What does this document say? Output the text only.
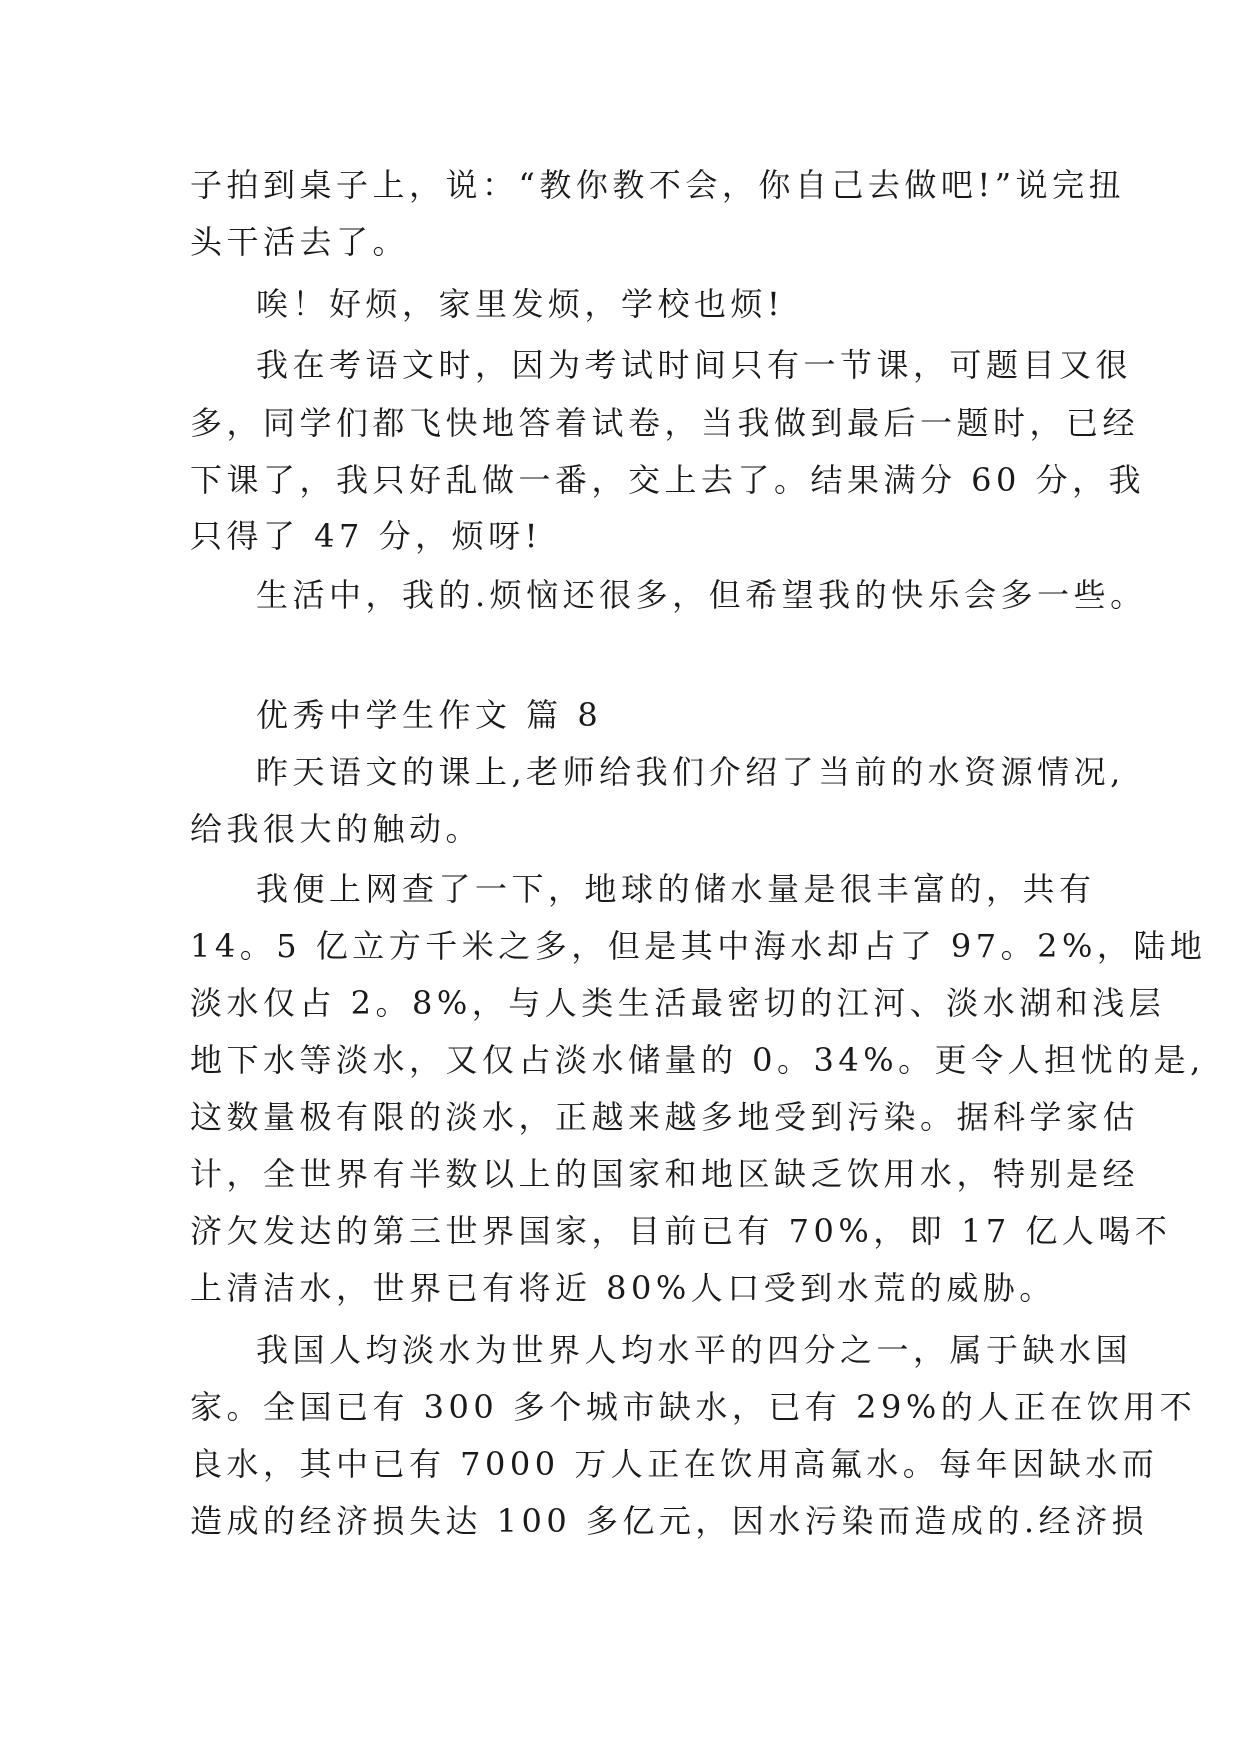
子拍到桌子上，说：“教你教不会，你自己去做吧!”说完扭
头干活去了。
唉！好烦，家里发烦，学校也烦!
我在考语文时，因为考试时间只有一节课，可题目又很
多，同学们都飞快地答着试卷，当我做到最后一题时，已经
下课了，我只好乱做一番，交上去了。结果满分 60 分，我
只得了 47 分，烦呀!
生活中，我的.烦恼还很多，但希望我的快乐会多一些。
优秀中学生作文 篇 8
昨天语文的课上,老师给我们介绍了当前的水资源情况,
给我很大的触动。
我便上网查了一下，地球的储水量是很丰富的，共有
14。5 亿立方千米之多，但是其中海水却占了 97。2%，陆地
淡水仅占 2。8%，与人类生活最密切的江河、淡水湖和浅层
地下水等淡水，又仅占淡水储量的 0。34%。更令人担忧的是,
这数量极有限的淡水，正越来越多地受到污染。据科学家估
计，全世界有半数以上的国家和地区缺乏饮用水，特别是经
济欠发达的第三世界国家，目前已有 70%，即 17 亿人喝不
上清洁水，世界已有将近 80%人口受到水荒的威胁。
我国人均淡水为世界人均水平的四分之一，属于缺水国
家。全国已有 300 多个城市缺水，已有 29%的人正在饮用不
良水，其中已有 7000 万人正在饮用高氟水。每年因缺水而
造成的经济损失达 100 多亿元，因水污染而造成的.经济损
